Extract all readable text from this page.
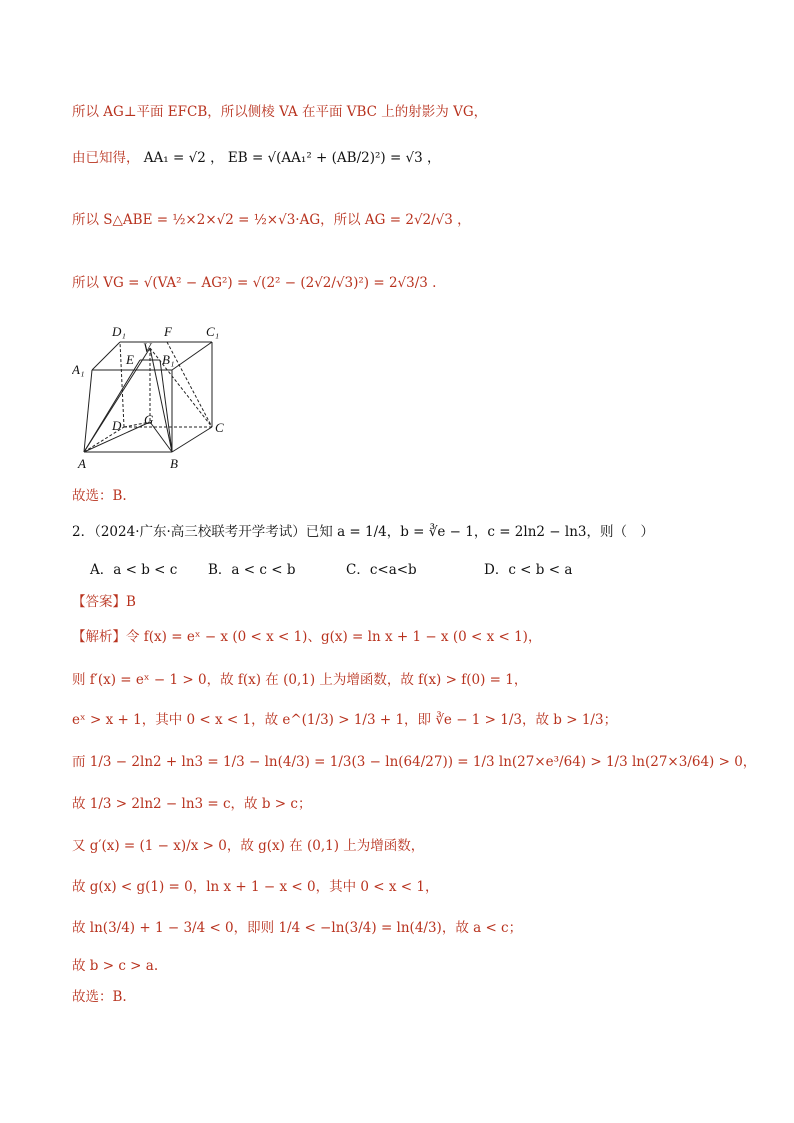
所以 AG⊥平面 EFCB，所以侧棱 VA 在平面 VBC 上的射影为 VG，
由已知得， AA₁ = √2 ， EB = √(AA₁² + (AB/2)²) = √3 ，
所以 S△ABE = ½×2×√2 = ½×√3·AG，所以 AG = 2√2/√3 ，
所以 VG = √(VA² − AG²) = √(2² − (2√2/√3)²) = 2√3/3 .
D₁	F	C₁
A₁
E
V
B₁
D G
C
A	B
故选：B.
2．（2024·广东·高三校联考开学考试）已知 a = 1/4，b = ∛e − 1，c = 2ln2 − ln3，则（　）
A．a < b < c B．a < c < b	C．c<a<b	D．c < b < a
【答案】B
【解析】令 f(x) = eˣ − x (0 < x < 1)、g(x) = ln x + 1 − x (0 < x < 1)，
则 f′(x) = eˣ − 1 > 0，故 f(x) 在 (0,1) 上为增函数，故 f(x) > f(0) = 1，
eˣ > x + 1，其中 0 < x < 1，故 e^(1/3) > 1/3 + 1，即 ∛e − 1 > 1/3，故 b > 1/3；
而 1/3 − 2ln2 + ln3 = 1/3 − ln(4/3) = 1/3(3 − ln(64/27)) = 1/3 ln(27×e³/64) > 1/3 ln(27×3/64) > 0，
故 1/3 > 2ln2 − ln3 = c，故 b > c；
又 g′(x) = (1 − x)/x > 0，故 g(x) 在 (0,1) 上为增函数，
故 g(x) < g(1) = 0，ln x + 1 − x < 0，其中 0 < x < 1，
故 ln(3/4) + 1 − 3/4 < 0，即则 1/4 < −ln(3/4) = ln(4/3)，故 a < c；
故 b > c > a.
故选：B.
